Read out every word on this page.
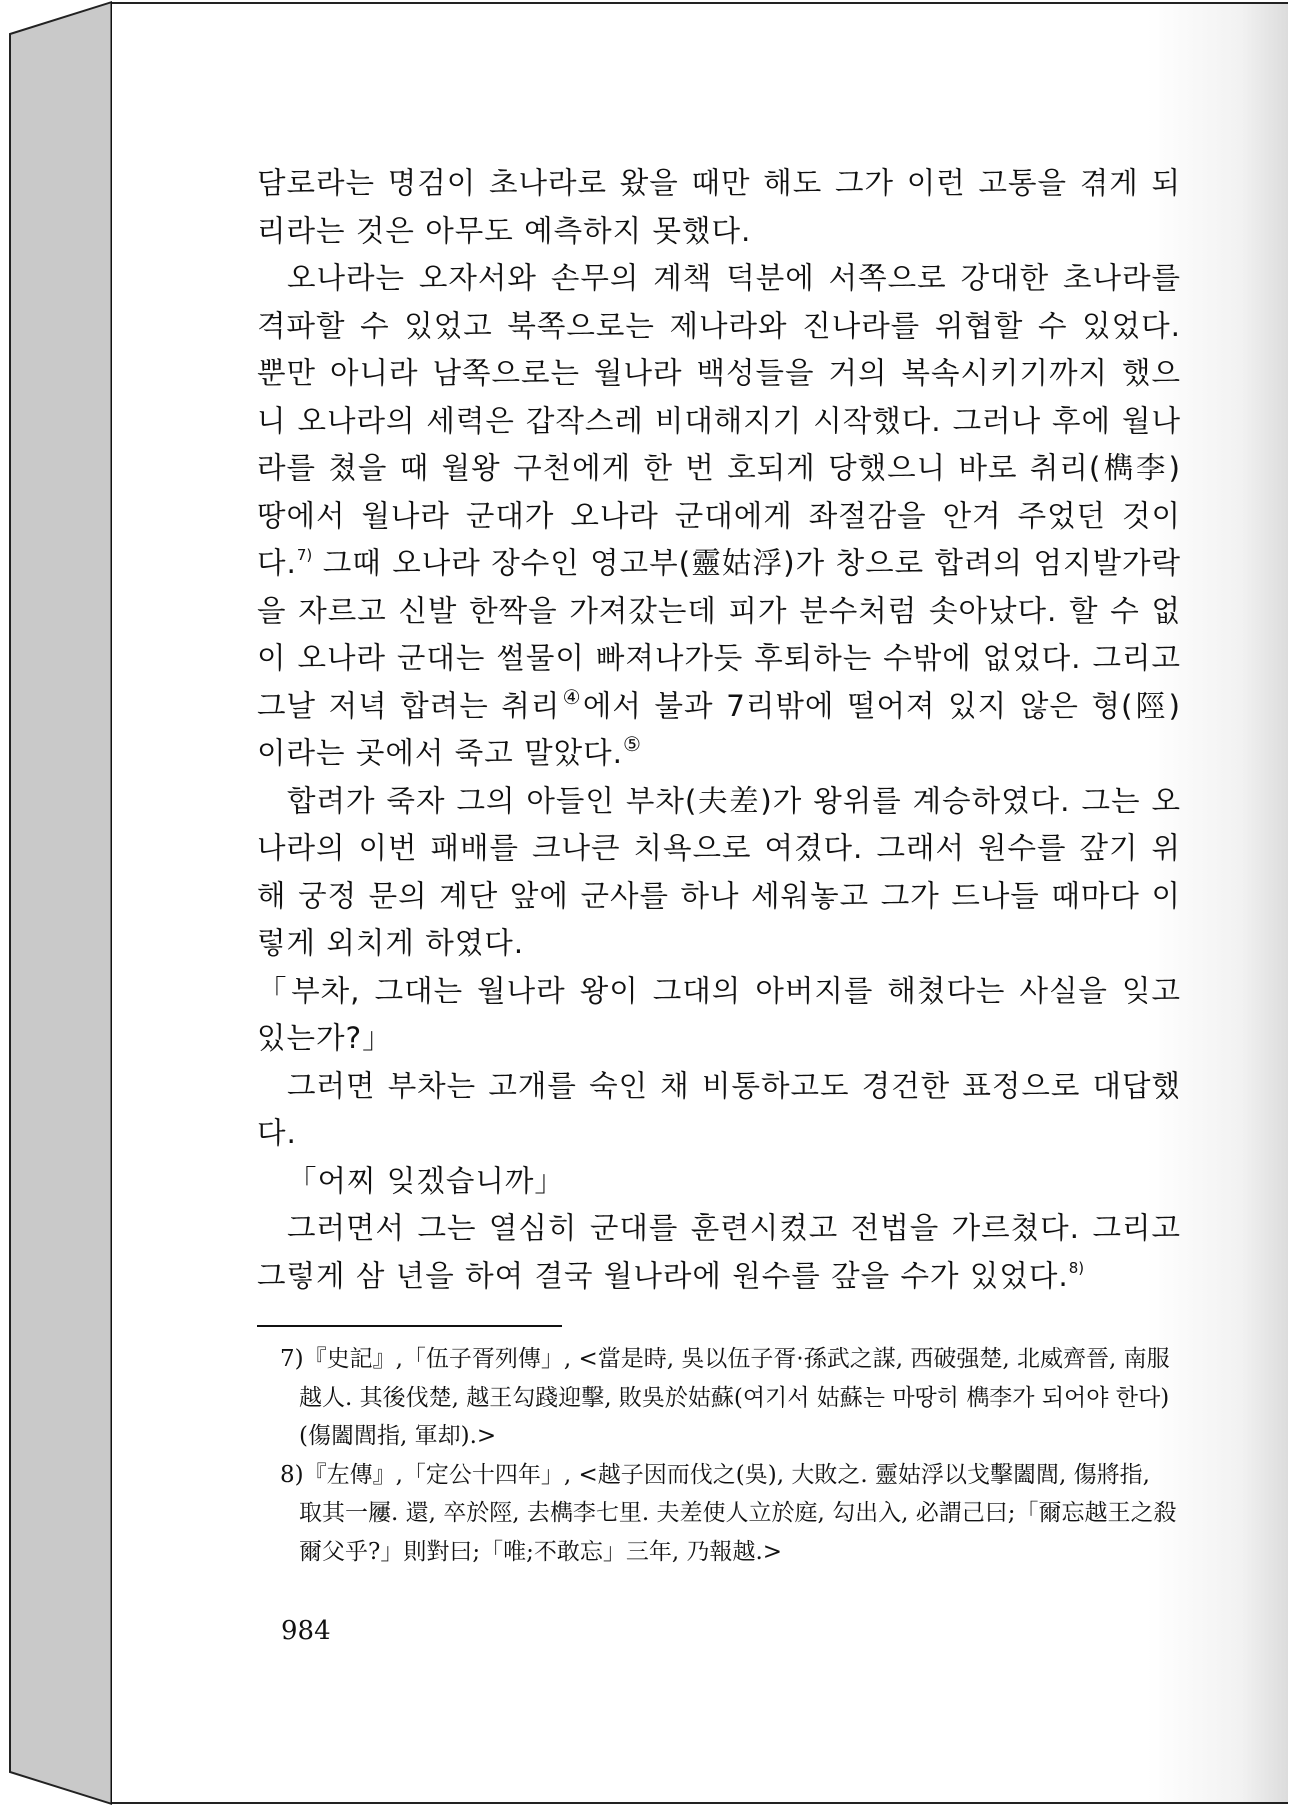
담로라는 명검이 초나라로 왔을 때만 해도 그가 이런 고통을 겪게 되리라는 것은 아무도 예측하지 못했다.

오나라는 오자서와 손무의 계책 덕분에 서쪽으로 강대한 초나라를 격파할 수 있었고 북쪽으로는 제나라와 진나라를 위협할 수 있었다. 뿐만 아니라 남쪽으로는 월나라 백성들을 거의 복속시키기까지 했으니 오나라의 세력은 갑작스레 비대해지기 시작했다. 그러나 후에 월나라를 쳤을 때 월왕 구천에게 한 번 호되게 당했으니 바로 취리(檇李) 땅에서 월나라 군대가 오나라 군대에게 좌절감을 안겨 주었던 것이다.$^{7)}$ 그때 오나라 장수인 영고부(靈姑浮)가 창으로 합려의 엄지발가락을 자르고 신발 한짝을 가져갔는데 피가 분수처럼 솟아났다. 할 수 없이 오나라 군대는 썰물이 빠져나가듯 후퇴하는 수밖에 없었다. 그리고 그날 저녁 합려는 취리④에서 불과 7리밖에 떨어져 있지 않은 형(陘)이라는 곳에서 죽고 말았다.⑤

합려가 죽자 그의 아들인 부차(夫差)가 왕위를 계승하였다. 그는 오나라의 이번 패배를 크나큰 치욕으로 여겼다. 그래서 원수를 갚기 위해 궁정 문의 계단 앞에 군사를 하나 세워놓고 그가 드나들 때마다 이렇게 외치게 하였다.

「부차, 그대는 월나라 왕이 그대의 아버지를 해쳤다는 사실을 잊고 있는가?」

그러면 부차는 고개를 숙인 채 비통하고도 경건한 표정으로 대답했다.

「어찌 잊겠습니까」

그러면서 그는 열심히 군대를 훈련시켰고 전법을 가르쳤다. 그리고 그렇게 삼 년을 하여 결국 월나라에 원수를 갚을 수가 있었다.$^{8)}$

7)『史記』,「伍子胥列傳」, <當是時, 吳以伍子胥·孫武之謀, 西破强楚, 北威齊晉, 南服越人. 其後伐楚, 越王勾踐迎擊, 敗吳於姑蘇(여기서 姑蘇는 마땅히 檇李가 되어야 한다)(傷闔閭指, 軍却).>

8)『左傳』,「定公十四年」, <越子因而伐之(吳), 大敗之. 靈姑浮以戈擊闔閭, 傷將指, 取其一屨. 還, 卒於陘, 去檇李七里. 夫差使人立於庭, 勾出入, 必謂己曰;「爾忘越王之殺爾父乎?」則對曰;「唯;不敢忘」三年, 乃報越.>

984
